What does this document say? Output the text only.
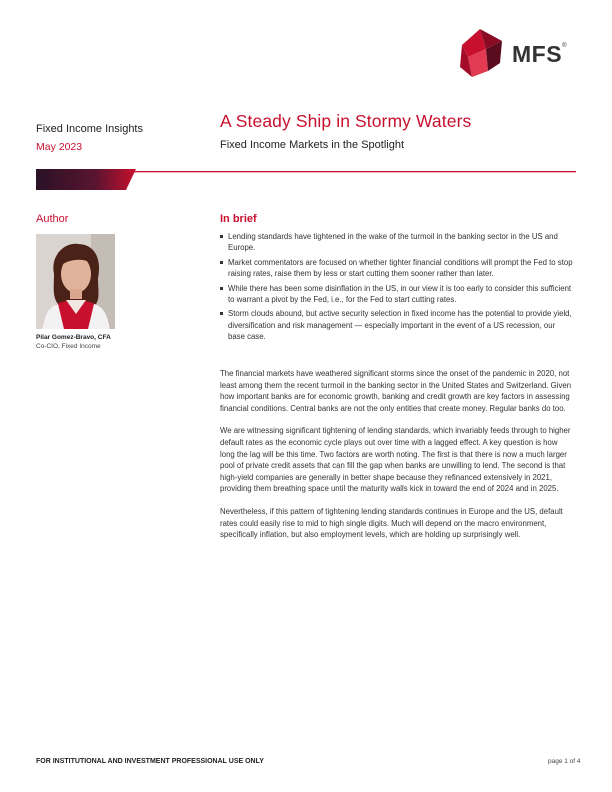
MFS®
Fixed Income Insights
May 2023
A Steady Ship in Stormy Waters
Fixed Income Markets in the Spotlight
Author
Pilar Gomez-Bravo, CFA
Co-CIO, Fixed Income
In brief
Lending standards have tightened in the wake of the turmoil in the banking sector in the US and Europe.
Market commentators are focused on whether tighter financial conditions will prompt the Fed to stop raising rates, raise them by less or start cutting them sooner rather than later.
While there has been some disinflation in the US, in our view it is too early to consider this sufficient to warrant a pivot by the Fed, i.e., for the Fed to start cutting rates.
Storm clouds abound, but active security selection in fixed income has the potential to provide yield, diversification and risk management — especially important in the event of a US recession, our base case.

The financial markets have weathered significant storms since the onset of the pandemic in 2020, not least among them the recent turmoil in the banking sector in the United States and Switzerland. Given how important banks are for economic growth, banking and credit growth are key factors in assessing financial conditions. Central banks are not the only entities that create money. Regular banks do too.

We are witnessing significant tightening of lending standards, which invariably feeds through to higher default rates as the economic cycle plays out over time with a lagged effect. A key question is how long the lag will be this time. Two factors are worth noting. The first is that there is now a much larger pool of private credit assets that can fill the gap when banks are unwilling to lend. The second is that high-yield companies are generally in better shape because they refinanced extensively in 2021, providing them breathing space until the maturity walls kick in toward the end of 2024 and in 2025.

Nevertheless, if this pattern of tightening lending standards continues in Europe and the US, default rates could easily rise to mid to high single digits. Much will depend on the macro environment, specifically inflation, but also employment levels, which are holding up surprisingly well.

FOR INSTITUTIONAL AND INVESTMENT PROFESSIONAL USE ONLY	page 1 of 4
